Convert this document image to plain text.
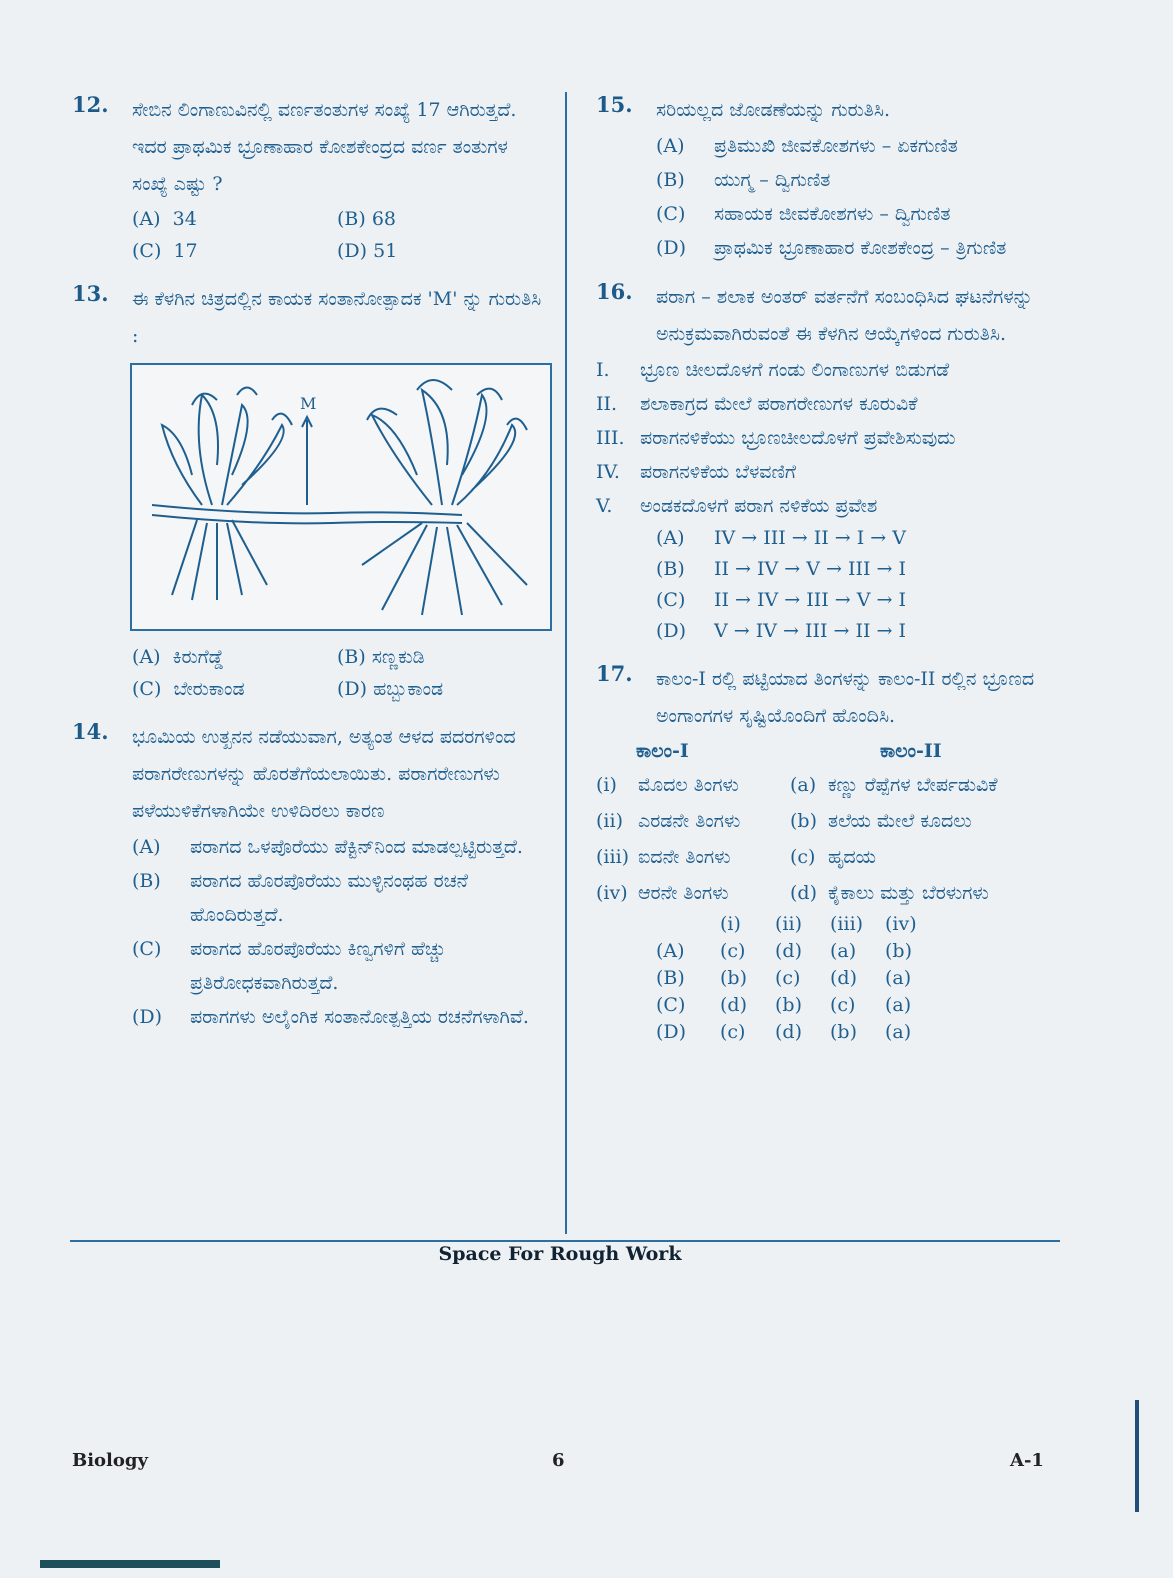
12. ಸೇಬಿನ ಲಿಂಗಾಣುವಿನಲ್ಲಿ ವರ್ಣತಂತುಗಳ ಸಂಖ್ಯೆ 17 ಆಗಿರುತ್ತದೆ. ಇದರ ಪ್ರಾಥಮಿಕ ಭ್ರೂಣಾಹಾರ ಕೋಶಕೇಂದ್ರದ ವರ್ಣ ತಂತುಗಳ ಸಂಖ್ಯೆ ಎಷ್ಟು ?
(A) 34	(B) 68
(C) 17	(D) 51
13. ಈ ಕೆಳಗಿನ ಚಿತ್ರದಲ್ಲಿನ ಕಾಯಕ ಸಂತಾನೋತ್ಪಾದಕ 'M' ನ್ನು ಗುರುತಿಸಿ :
M
(A) ಕಿರುಗೆಡ್ಡೆ	(B) ಸಣ್ಣಕುಡಿ
(C) ಬೇರುಕಾಂಡ	(D) ಹಬ್ಬುಕಾಂಡ
14. ಭೂಮಿಯ ಉತ್ಖನನ ನಡೆಯುವಾಗ, ಅತ್ಯಂತ ಆಳದ ಪದರಗಳಿಂದ ಪರಾಗರೇಣುಗಳನ್ನು ಹೊರತೆಗೆಯಲಾಯಿತು. ಪರಾಗರೇಣುಗಳು ಪಳೆಯುಳಿಕೆಗಳಾಗಿಯೇ ಉಳಿದಿರಲು ಕಾರಣ
(A)	ಪರಾಗದ ಒಳಪೊರೆಯು ಪೆಕ್ಟಿನ್‌ನಿಂದ ಮಾಡಲ್ಪಟ್ಟಿರುತ್ತದೆ.
(B)	ಪರಾಗದ ಹೊರಪೊರೆಯು ಮುಳ್ಳಿನಂಥಹ ರಚನೆ ಹೊಂದಿರುತ್ತದೆ.
(C)	ಪರಾಗದ ಹೊರಪೊರೆಯು ಕಿಣ್ವಗಳಿಗೆ ಹೆಚ್ಚು ಪ್ರತಿರೋಧಕವಾಗಿರುತ್ತದೆ.
(D)	ಪರಾಗಗಳು ಅಲೈಂಗಿಕ ಸಂತಾನೋತ್ಪತ್ತಿಯ ರಚನೆಗಳಾಗಿವೆ.
15. ಸರಿಯಲ್ಲದ ಜೋಡಣೆಯನ್ನು ಗುರುತಿಸಿ.
(A)	ಪ್ರತಿಮುಖಿ ಜೀವಕೋಶಗಳು – ಏಕಗುಣಿತ
(B)	ಯುಗ್ಮ – ದ್ವಿಗುಣಿತ
(C)	ಸಹಾಯಕ ಜೀವಕೋಶಗಳು – ದ್ವಿಗುಣಿತ
(D)	ಪ್ರಾಥಮಿಕ ಭ್ರೂಣಾಹಾರ ಕೋಶಕೇಂದ್ರ – ತ್ರಿಗುಣಿತ
16. ಪರಾಗ – ಶಲಾಕ ಅಂತರ್ ವರ್ತನೆಗೆ ಸಂಬಂಧಿಸಿದ ಘಟನೆಗಳನ್ನು ಅನುಕ್ರಮವಾಗಿರುವಂತೆ ಈ ಕೆಳಗಿನ ಆಯ್ಕೆಗಳಿಂದ ಗುರುತಿಸಿ.
I.	ಭ್ರೂಣ ಚೀಲದೊಳಗೆ ಗಂಡು ಲಿಂಗಾಣುಗಳ ಬಿಡುಗಡೆ
II.	ಶಲಾಕಾಗ್ರದ ಮೇಲೆ ಪರಾಗರೇಣುಗಳ ಕೂರುವಿಕೆ
III. ಪರಾಗನಳಿಕೆಯು ಭ್ರೂಣಚೀಲದೊಳಗೆ ಪ್ರವೇಶಿಸುವುದು
IV.	ಪರಾಗನಳಿಕೆಯ ಬೆಳವಣಿಗೆ
V.	ಅಂಡಕದೊಳಗೆ ಪರಾಗ ನಳಿಕೆಯ ಪ್ರವೇಶ
(A)	IV → III → II → I → V
(B)	II → IV → V → III → I
(C)	II → IV → III → V → I
(D)	V → IV → III → II → I
17. ಕಾಲಂ-I ರಲ್ಲಿ ಪಟ್ಟಿಯಾದ ತಿಂಗಳನ್ನು ಕಾಲಂ-II ರಲ್ಲಿನ ಭ್ರೂಣದ ಅಂಗಾಂಗಗಳ ಸೃಷ್ಟಿಯೊಂದಿಗೆ ಹೊಂದಿಸಿ.
ಕಾಲಂ-I	ಕಾಲಂ-II
(i)	ಮೊದಲ ತಿಂಗಳು	(a) ಕಣ್ಣು ರೆಪ್ಪೆಗಳ ಬೇರ್ಪಡುವಿಕೆ
(ii) ಎರಡನೇ ತಿಂಗಳು	(b) ತಲೆಯ ಮೇಲೆ ಕೂದಲು
(iii) ಐದನೇ ತಿಂಗಳು	(c) ಹೃದಯ
(iv) ಆರನೇ ತಿಂಗಳು	(d) ಕೈಕಾಲು ಮತ್ತು ಬೆರಳುಗಳು
(i)	(ii)	(iii)	(iv)
(A)	(c)	(d)	(a)	(b)
(B)	(b)	(c)	(d)	(a)
(C)	(d)	(b)	(c)	(a)
(D)	(c)	(d)	(b)	(a)
Space For Rough Work
Biology	6	A-1
